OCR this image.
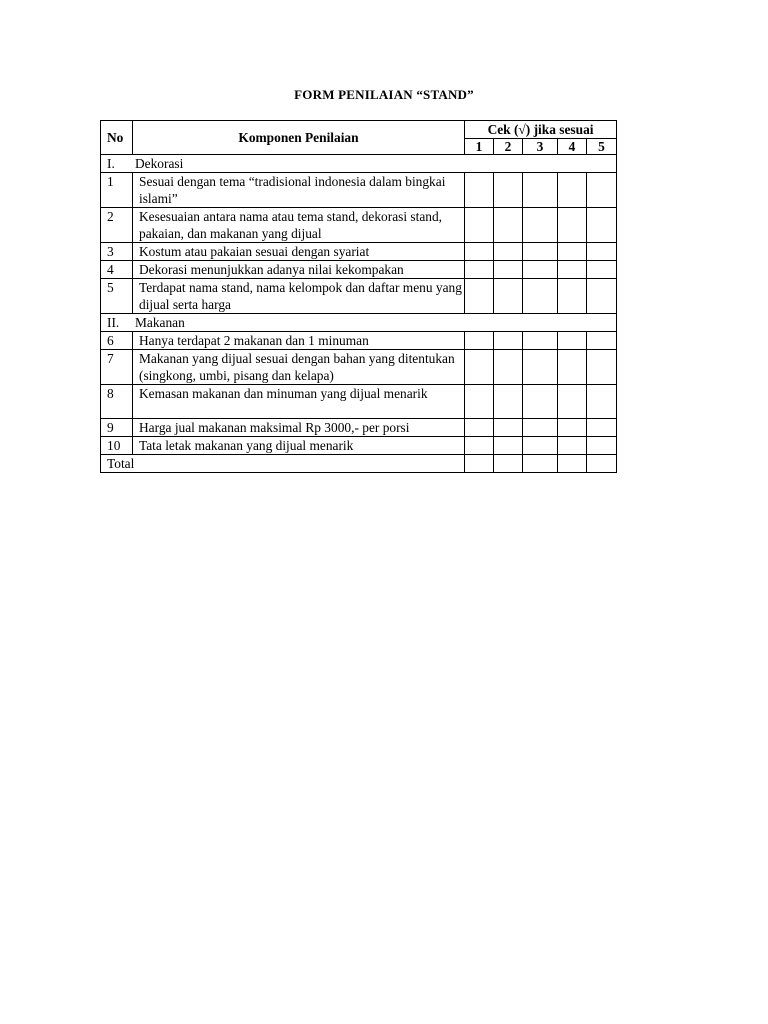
FORM PENILAIAN “STAND”
No	Komponen Penilaian	Cek (√) jika sesuai				
		1	2	3	4	5
I. Dekorasi						
1	Sesuai dengan tema “tradisional indonesia dalam bingkai islami”					
2	Kesesuaian antara nama atau tema stand, dekorasi stand, pakaian, dan makanan yang dijual					
3	Kostum atau pakaian sesuai dengan syariat					
4	Dekorasi menunjukkan adanya nilai kekompakan					
5	Terdapat nama stand, nama kelompok dan daftar menu yang dijual serta harga					
II. Makanan						
6	Hanya terdapat 2 makanan dan 1 minuman					
7	Makanan yang dijual sesuai dengan bahan yang ditentukan (singkong, umbi, pisang dan kelapa)					
8	Kemasan makanan dan minuman yang dijual menarik					
9	Harga jual makanan maksimal Rp 3000,- per porsi					
10	Tata letak makanan yang dijual menarik					
Total						
